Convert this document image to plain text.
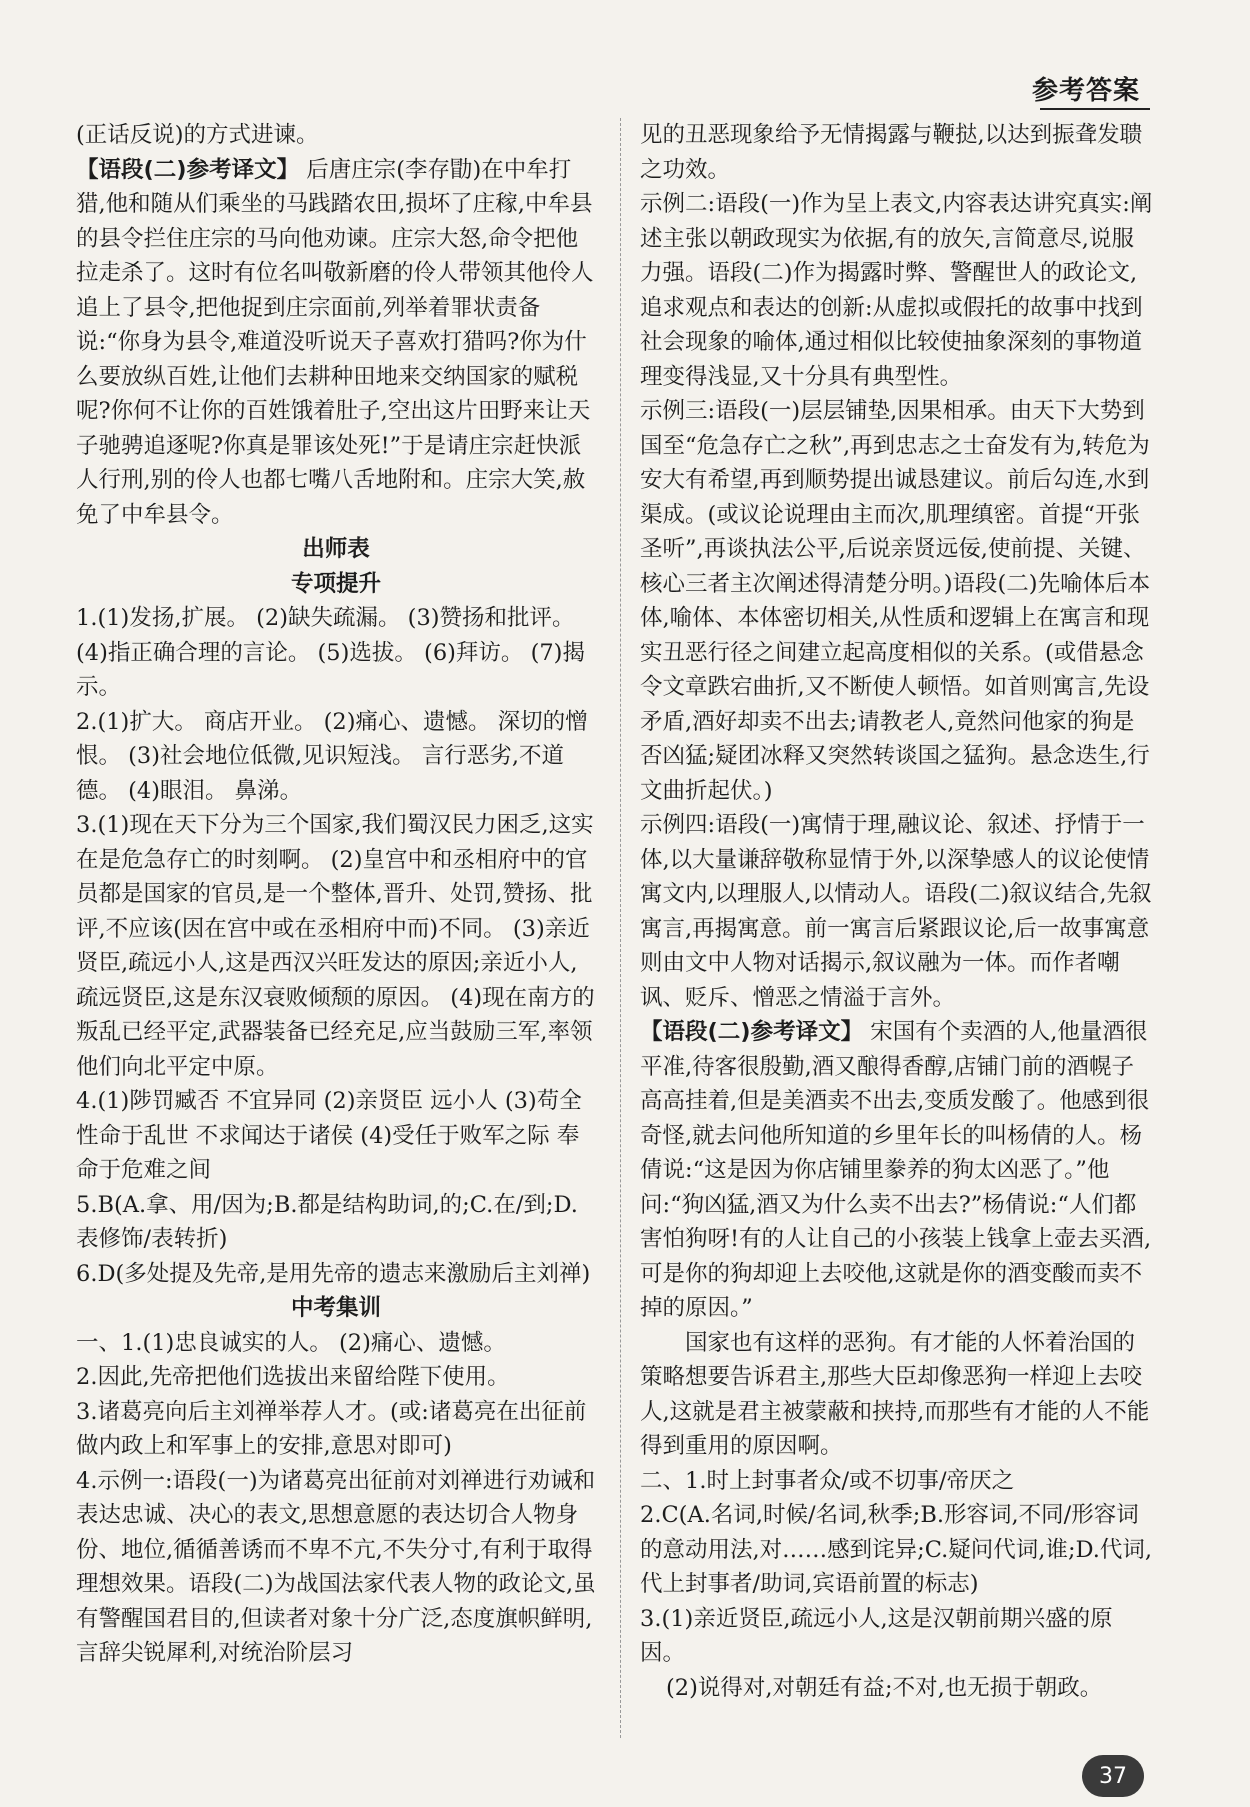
参考答案

(正话反说)的方式进谏。

【语段(二)参考译文】 后唐庄宗(李存勖)在中牟打猎,他和随从们乘坐的马践踏农田,损坏了庄稼,中牟县的县令拦住庄宗的马向他劝谏。庄宗大怒,命令把他拉走杀了。这时有位名叫敬新磨的伶人带领其他伶人追上了县令,把他捉到庄宗面前,列举着罪状责备说:“你身为县令,难道没听说天子喜欢打猎吗?你为什么要放纵百姓,让他们去耕种田地来交纳国家的赋税呢?你何不让你的百姓饿着肚子,空出这片田野来让天子驰骋追逐呢?你真是罪该处死!”于是请庄宗赶快派人行刑,别的伶人也都七嘴八舌地附和。庄宗大笑,赦免了中牟县令。

出师表

专项提升

1.(1)发扬,扩展。 (2)缺失疏漏。 (3)赞扬和批评。 (4)指正确合理的言论。 (5)选拔。 (6)拜访。 (7)揭示。

2.(1)扩大。 商店开业。 (2)痛心、遗憾。 深切的憎恨。 (3)社会地位低微,见识短浅。 言行恶劣,不道德。 (4)眼泪。 鼻涕。

3.(1)现在天下分为三个国家,我们蜀汉民力困乏,这实在是危急存亡的时刻啊。 (2)皇宫中和丞相府中的官员都是国家的官员,是一个整体,晋升、处罚,赞扬、批评,不应该(因在宫中或在丞相府中而)不同。 (3)亲近贤臣,疏远小人,这是西汉兴旺发达的原因;亲近小人,疏远贤臣,这是东汉衰败倾颓的原因。 (4)现在南方的叛乱已经平定,武器装备已经充足,应当鼓励三军,率领他们向北平定中原。

4.(1)陟罚臧否 不宜异同 (2)亲贤臣 远小人 (3)苟全性命于乱世 不求闻达于诸侯 (4)受任于败军之际 奉命于危难之间

5.B(A.拿、用/因为;B.都是结构助词,的;C.在/到;D.表修饰/表转折)

6.D(多处提及先帝,是用先帝的遗志来激励后主刘禅)

中考集训

一、1.(1)忠良诚实的人。 (2)痛心、遗憾。

2.因此,先帝把他们选拔出来留给陛下使用。

3.诸葛亮向后主刘禅举荐人才。(或:诸葛亮在出征前做内政上和军事上的安排,意思对即可)

4.示例一:语段(一)为诸葛亮出征前对刘禅进行劝诫和表达忠诚、决心的表文,思想意愿的表达切合人物身份、地位,循循善诱而不卑不亢,不失分寸,有利于取得理想效果。语段(二)为战国法家代表人物的政论文,虽有警醒国君目的,但读者对象十分广泛,态度旗帜鲜明,言辞尖锐犀利,对统治阶层习

见的丑恶现象给予无情揭露与鞭挞,以达到振聋发聩之功效。

示例二:语段(一)作为呈上表文,内容表达讲究真实:阐述主张以朝政现实为依据,有的放矢,言简意尽,说服力强。语段(二)作为揭露时弊、警醒世人的政论文,追求观点和表达的创新:从虚拟或假托的故事中找到社会现象的喻体,通过相似比较使抽象深刻的事物道理变得浅显,又十分具有典型性。

示例三:语段(一)层层铺垫,因果相承。由天下大势到国至“危急存亡之秋”,再到忠志之士奋发有为,转危为安大有希望,再到顺势提出诚恳建议。前后勾连,水到渠成。(或议论说理由主而次,肌理缜密。首提“开张圣听”,再谈执法公平,后说亲贤远佞,使前提、关键、核心三者主次阐述得清楚分明。)语段(二)先喻体后本体,喻体、本体密切相关,从性质和逻辑上在寓言和现实丑恶行径之间建立起高度相似的关系。(或借悬念令文章跌宕曲折,又不断使人顿悟。如首则寓言,先设矛盾,酒好却卖不出去;请教老人,竟然问他家的狗是否凶猛;疑团冰释又突然转谈国之猛狗。悬念迭生,行文曲折起伏。)

示例四:语段(一)寓情于理,融议论、叙述、抒情于一体,以大量谦辞敬称显情于外,以深挚感人的议论使情寓文内,以理服人,以情动人。语段(二)叙议结合,先叙寓言,再揭寓意。前一寓言后紧跟议论,后一故事寓意则由文中人物对话揭示,叙议融为一体。而作者嘲讽、贬斥、憎恶之情溢于言外。

【语段(二)参考译文】 宋国有个卖酒的人,他量酒很平准,待客很殷勤,酒又酿得香醇,店铺门前的酒幌子高高挂着,但是美酒卖不出去,变质发酸了。他感到很奇怪,就去问他所知道的乡里年长的叫杨倩的人。杨倩说:“这是因为你店铺里豢养的狗太凶恶了。”他问:“狗凶猛,酒又为什么卖不出去?”杨倩说:“人们都害怕狗呀!有的人让自己的小孩装上钱拿上壶去买酒,可是你的狗却迎上去咬他,这就是你的酒变酸而卖不掉的原因。”

国家也有这样的恶狗。有才能的人怀着治国的策略想要告诉君主,那些大臣却像恶狗一样迎上去咬人,这就是君主被蒙蔽和挟持,而那些有才能的人不能得到重用的原因啊。

二、1.时上封事者众/或不切事/帝厌之

2.C(A.名词,时候/名词,秋季;B.形容词,不同/形容词的意动用法,对……感到诧异;C.疑问代词,谁;D.代词,代上封事者/助词,宾语前置的标志)

3.(1)亲近贤臣,疏远小人,这是汉朝前期兴盛的原因。

(2)说得对,对朝廷有益;不对,也无损于朝政。

37
